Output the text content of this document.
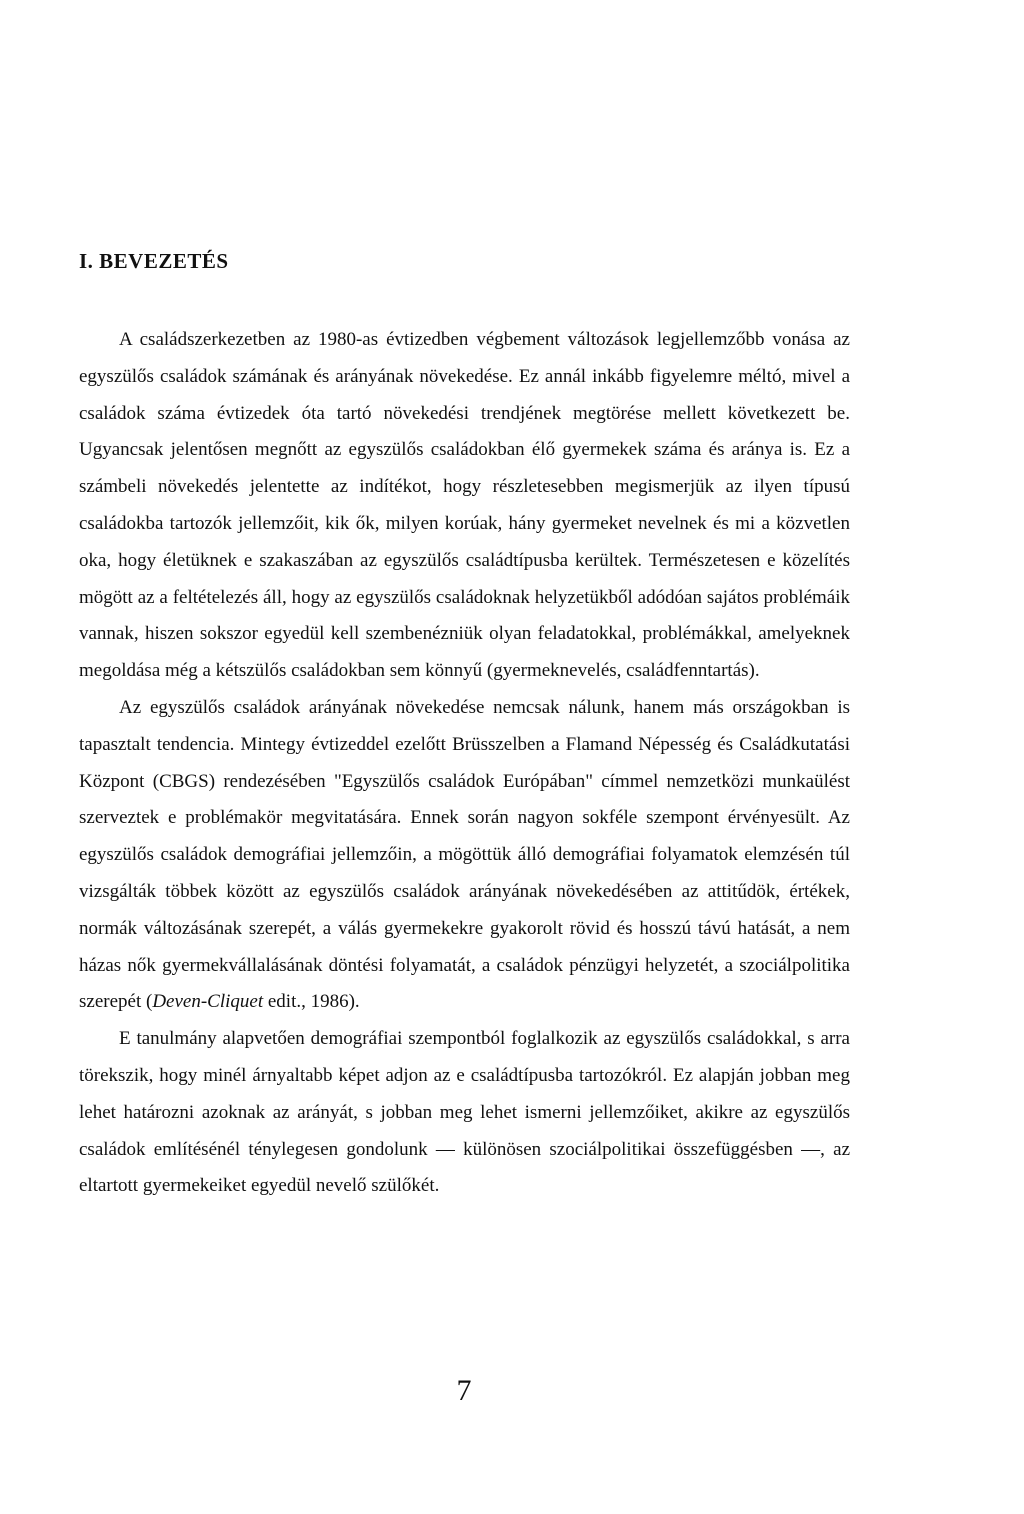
I. BEVEZETÉS

A családszerkezetben az 1980-as évtizedben végbement változások legjellemzőbb vonása az egyszülős családok számának és arányának növekedése. Ez annál inkább figyelemre méltó, mivel a családok száma évtizedek óta tartó növekedési trendjének megtörése mellett következett be. Ugyancsak jelentősen megnőtt az egyszülős családokban élő gyermekek száma és aránya is. Ez a számbeli növekedés jelentette az indítékot, hogy részletesebben megismerjük az ilyen típusú családokba tartozók jellemzőit, kik ők, milyen korúak, hány gyermeket nevelnek és mi a közvetlen oka, hogy életüknek e szakaszában az egyszülős családtípusba kerültek. Természetesen e közelítés mögött az a feltételezés áll, hogy az egyszülős családoknak helyzetükből adódóan sajátos problémáik vannak, hiszen sokszor egyedül kell szembenézniük olyan feladatokkal, problémákkal, amelyeknek megoldása még a kétszülős családokban sem könnyű (gyermeknevelés, családfenntartás).

Az egyszülős családok arányának növekedése nemcsak nálunk, hanem más országokban is tapasztalt tendencia. Mintegy évtizeddel ezelőtt Brüsszelben a Flamand Népesség és Családkutatási Központ (CBGS) rendezésében "Egyszülős családok Európában" címmel nemzetközi munkaülést szerveztek e problémakör megvitatására. Ennek során nagyon sokféle szempont érvényesült. Az egyszülős családok demográfiai jellemzőin, a mögöttük álló demográfiai folyamatok elemzésén túl vizsgálták többek között az egyszülős családok arányának növekedésében az attitűdök, értékek, normák változásának szerepét, a válás gyermekekre gyakorolt rövid és hosszú távú hatását, a nem házas nők gyermekvállalásának döntési folyamatát, a családok pénzügyi helyzetét, a szociálpolitika szerepét (Deven-Cliquet edit., 1986).

E tanulmány alapvetően demográfiai szempontból foglalkozik az egyszülős családokkal, s arra törekszik, hogy minél árnyaltabb képet adjon az e családtípusba tartozókról. Ez alapján jobban meg lehet határozni azoknak az arányát, s jobban meg lehet ismerni jellemzőiket, akikre az egyszülős családok említésénél ténylegesen gondolunk — különösen szociálpolitikai összefüggésben —, az eltartott gyermekeiket egyedül nevelő szülőkét.

7
